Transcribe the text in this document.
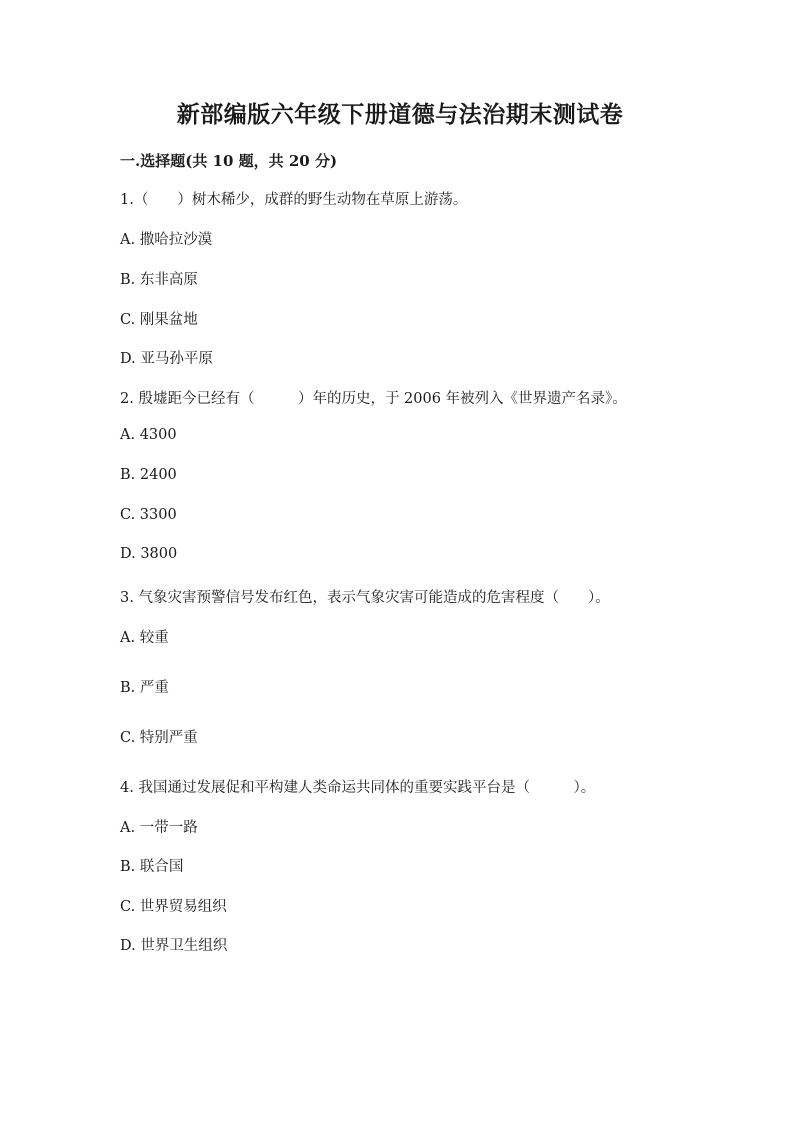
新部编版六年级下册道德与法治期末测试卷
一.选择题(共 10 题，共 20 分)
1.（　　）树木稀少，成群的野生动物在草原上游荡。
A. 撒哈拉沙漠
B. 东非高原
C. 刚果盆地
D. 亚马孙平原
2. 殷墟距今已经有（　　　）年的历史，于 2006 年被列入《世界遗产名录》。
A. 4300
B. 2400
C. 3300
D. 3800
3. 气象灾害预警信号发布红色，表示气象灾害可能造成的危害程度（　　）。
A. 较重
B. 严重
C. 特别严重
4. 我国通过发展促和平构建人类命运共同体的重要实践平台是（　　　）。
A. 一带一路
B. 联合国
C. 世界贸易组织
D. 世界卫生组织
